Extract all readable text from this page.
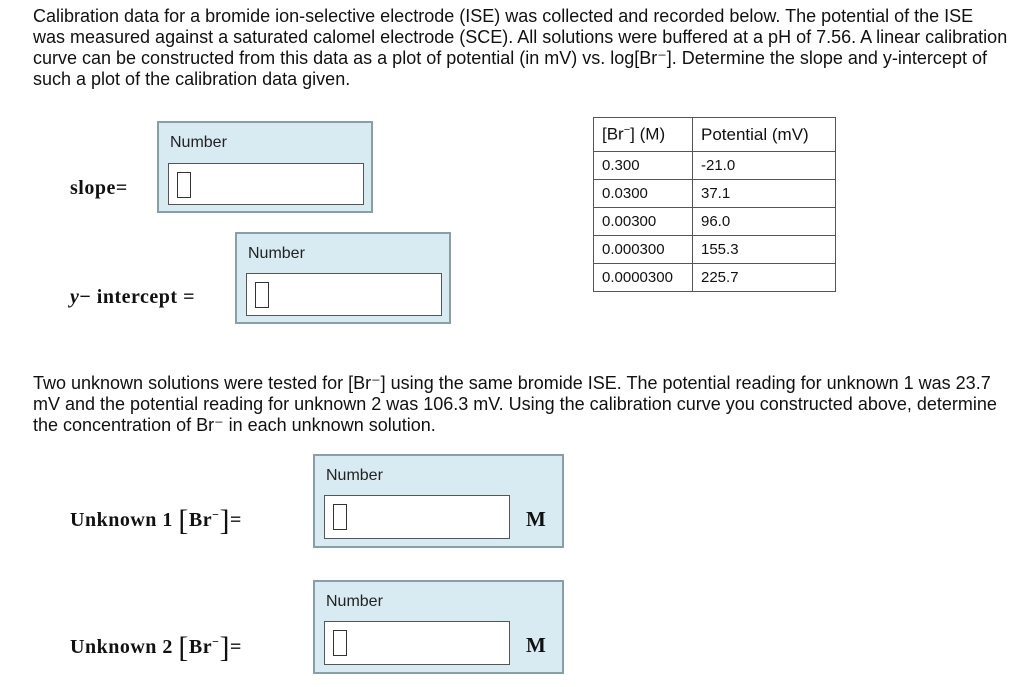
Calibration data for a bromide ion-selective electrode (ISE) was collected and recorded below. The potential of the ISE was measured against a saturated calomel electrode (SCE). All solutions were buffered at a pH of 7.56. A linear calibration curve can be constructed from this data as a plot of potential (in mV) vs. log[Br⁻]. Determine the slope and y-intercept of such a plot of the calibration data given.

slope=
Number
y− intercept =
Number
[Br−] (M)	Potential (mV)
0.300	-21.0
0.0300	37.1
0.00300	96.0
0.000300	155.3
0.0000300	225.7

Two unknown solutions were tested for [Br⁻] using the same bromide ISE. The potential reading for unknown 1 was 23.7 mV and the potential reading for unknown 2 was 106.3 mV. Using the calibration curve you constructed above, determine the concentration of Br⁻ in each unknown solution.

Unknown 1 [Br−]=
Number
M
Unknown 2 [Br−]=
Number
M
